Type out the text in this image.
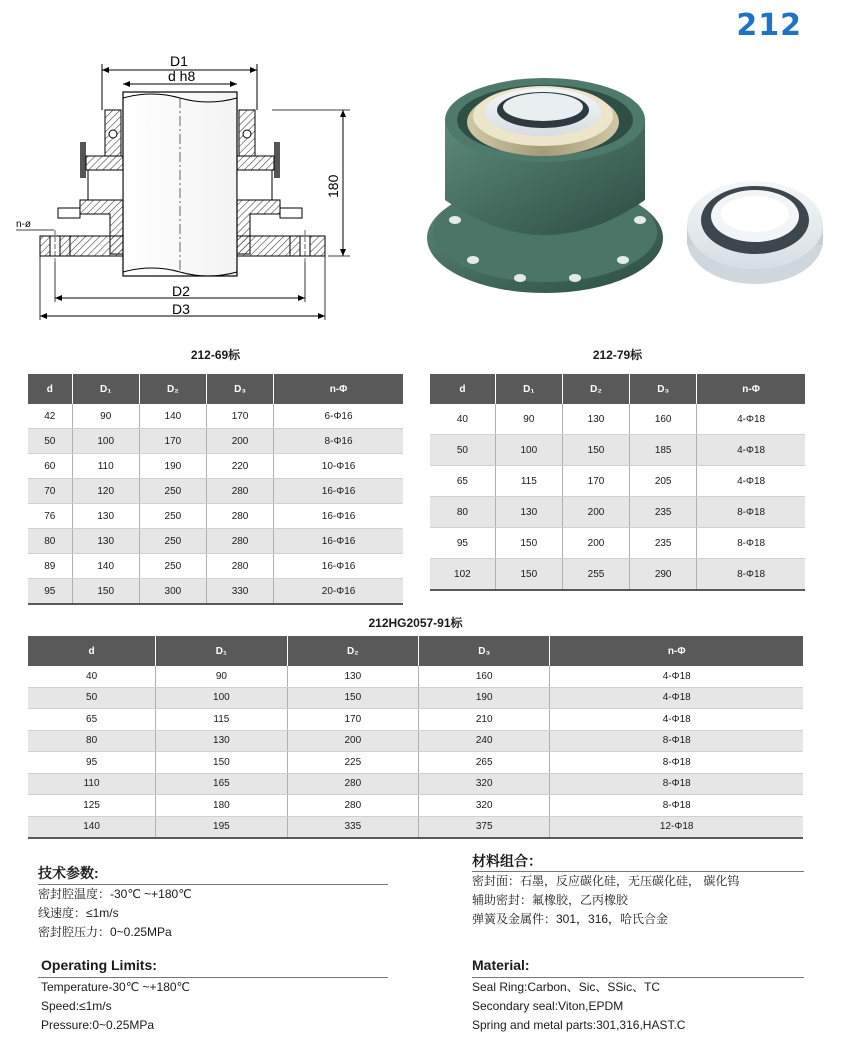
212
D1
d h8
n-ø
180
D2
D3
212-69标	212-79标
212HG2057-91标
d	D₁	D₂	D₃	n-Φ
42	90	140	170	6-Φ16
50	100	170	200	8-Φ16
60	110	190	220	10-Φ16
70	120	250	280	16-Φ16
76	130	250	280	16-Φ16
80	130	250	280	16-Φ16
89	140	250	280	16-Φ16
95	150	300	330	20-Φ16
d	D₁	D₂	D₃	n-Φ
40	90	130	160	4-Φ18
50	100	150	185	4-Φ18
65	115	170	205	4-Φ18
80	130	200	235	8-Φ18
95	150	200	235	8-Φ18
102	150	255	290	8-Φ18
d	D₁	D₂	D₃	n-Φ
40	90	130	160	4-Φ18
50	100	150	190	4-Φ18
65	115	170	210	4-Φ18
80	130	200	240	8-Φ18
95	150	225	265	8-Φ18
110	165	280	320	8-Φ18
125	180	280	320	8-Φ18
140	195	335	375	12-Φ18
技术参数:
密封腔温度：-30℃ ~+180℃
线速度：≤1m/s
密封腔压力：0~0.25MPa
材料组合：
密封面：石墨，反应碳化硅，无压碳化硅， 碳化钨
辅助密封：氟橡胶，乙丙橡胶
弹簧及金属件：301，316，哈氏合金
Operating Limits:
Temperature-30℃ ~+180℃
Speed:≤1m/s
Pressure:0~0.25MPa
Material:
Seal Ring:Carbon、Sic、SSic、TC
Secondary seal:Viton,EPDM
Spring and metal parts:301,316,HAST.C
